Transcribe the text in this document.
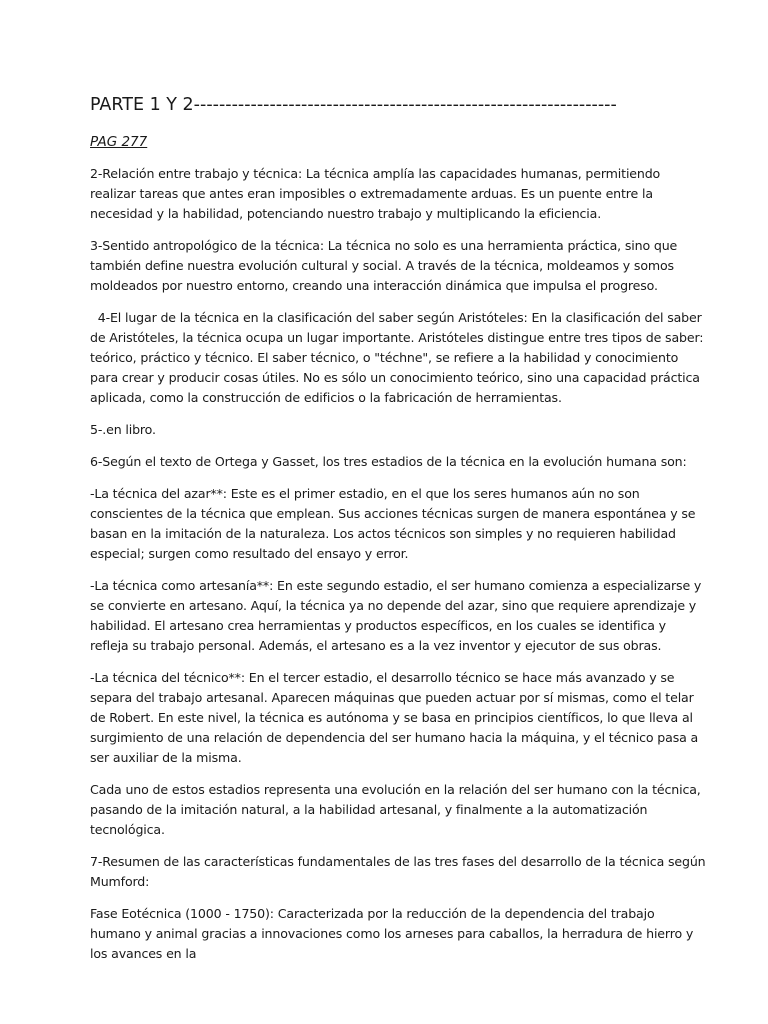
PARTE 1 Y 2-------------------------------------------------------------------
PAG 277

2-Relación entre trabajo y técnica: La técnica amplía las capacidades humanas, permitiendo realizar tareas que antes eran imposibles o extremadamente arduas. Es un puente entre la necesidad y la habilidad, potenciando nuestro trabajo y multiplicando la eficiencia.

3-Sentido antropológico de la técnica: La técnica no solo es una herramienta práctica, sino que también define nuestra evolución cultural y social. A través de la técnica, moldeamos y somos moldeados por nuestro entorno, creando una interacción dinámica que impulsa el progreso.

4-El lugar de la técnica en la clasificación del saber según Aristóteles: En la clasificación del saber de Aristóteles, la técnica ocupa un lugar importante. Aristóteles distingue entre tres tipos de saber: teórico, práctico y técnico. El saber técnico, o "téchne", se refiere a la habilidad y conocimiento para crear y producir cosas útiles. No es sólo un conocimiento teórico, sino una capacidad práctica aplicada, como la construcción de edificios o la fabricación de herramientas.

5-.en libro.

6-Según el texto de Ortega y Gasset, los tres estadios de la técnica en la evolución humana son:

-La técnica del azar**: Este es el primer estadio, en el que los seres humanos aún no son conscientes de la técnica que emplean. Sus acciones técnicas surgen de manera espontánea y se basan en la imitación de la naturaleza. Los actos técnicos son simples y no requieren habilidad especial; surgen como resultado del ensayo y error.

-La técnica como artesanía**: En este segundo estadio, el ser humano comienza a especializarse y se convierte en artesano. Aquí, la técnica ya no depende del azar, sino que requiere aprendizaje y habilidad. El artesano crea herramientas y productos específicos, en los cuales se identifica y refleja su trabajo personal. Además, el artesano es a la vez inventor y ejecutor de sus obras.

-La técnica del técnico**: En el tercer estadio, el desarrollo técnico se hace más avanzado y se separa del trabajo artesanal. Aparecen máquinas que pueden actuar por sí mismas, como el telar de Robert. En este nivel, la técnica es autónoma y se basa en principios científicos, lo que lleva al surgimiento de una relación de dependencia del ser humano hacia la máquina, y el técnico pasa a ser auxiliar de la misma.

Cada uno de estos estadios representa una evolución en la relación del ser humano con la técnica, pasando de la imitación natural, a la habilidad artesanal, y finalmente a la automatización tecnológica.

7-Resumen de las características fundamentales de las tres fases del desarrollo de la técnica según Mumford:

Fase Eotécnica (1000 - 1750): Caracterizada por la reducción de la dependencia del trabajo humano y animal gracias a innovaciones como los arneses para caballos, la herradura de hierro y los avances en la
